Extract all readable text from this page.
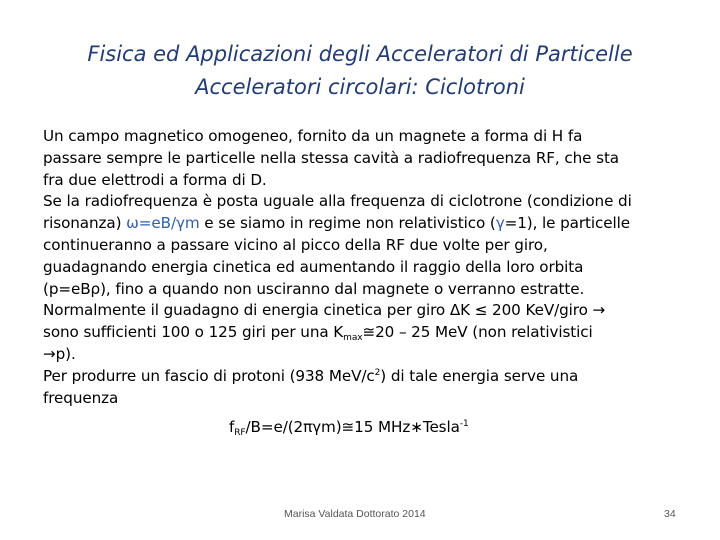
Fisica ed Applicazioni degli Acceleratori di Particelle
Acceleratori circolari: Ciclotroni
Un campo magnetico omogeneo, fornito da un magnete a forma di H fa
passare sempre le particelle nella stessa cavità a radiofrequenza RF, che sta
fra due elettrodi a forma di D.
Se la radiofrequenza è posta uguale alla frequenza di ciclotrone (condizione di
risonanza) ω=eB/γm e se siamo in regime non relativistico (γ=1), le particelle
continueranno a passare vicino al picco della RF due volte per giro,
guadagnando energia cinetica ed aumentando il raggio della loro orbita
(p=eBρ), fino a quando non usciranno dal magnete o verranno estratte.
Normalmente il guadagno di energia cinetica per giro ΔK ≤ 200 KeV/giro →
sono sufficienti 100 o 125 giri per una $K_{max}≅20 - 25$ MeV (non relativistici
→p).
Per produrre un fascio di protoni (938 MeV/$c^2$) di tale energia serve una
frequenza
$f_{RF}/B=e/(2\pi\gamma m)≅15$ MHz∗Tesla$^{-1}$
Marisa Valdata Dottorato 2014	34
